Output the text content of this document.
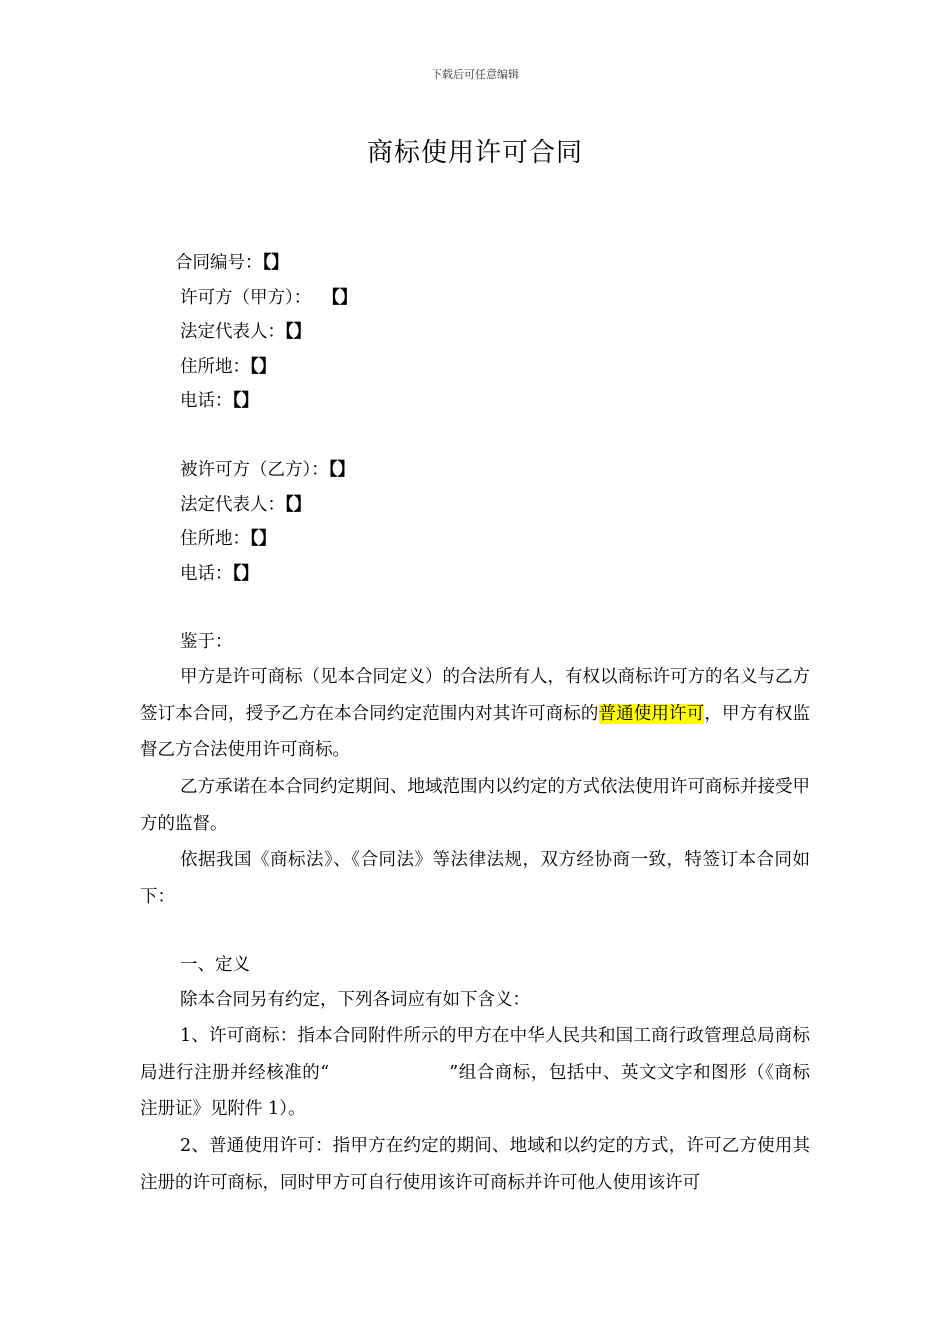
下载后可任意编辑
商标使用许可合同
合同编号：【】
许可方（甲方）： 【】
法定代表人：【】
住所地：【】
电话：【】
被许可方（乙方）：【】
法定代表人：【】
住所地：【】
电话：【】
鉴于：
甲方是许可商标（见本合同定义）的合法所有人，有权以商标许可方的名义与乙方签订本合同，授予乙方在本合同约定范围内对其许可商标的普通使用许可，甲方有权监督乙方合法使用许可商标。
乙方承诺在本合同约定期间、地域范围内以约定的方式依法使用许可商标并接受甲方的监督。
依据我国《商标法》、《合同法》等法律法规，双方经协商一致，特签订本合同如下：
一、定义
除本合同另有约定，下列各词应有如下含义：
1、许可商标：指本合同附件所示的甲方在中华人民共和国工商行政管理总局商标局进行注册并经核准的“	”组合商标，包括中、英文文字和图形（《商标注册证》见附件 1）。
2、普通使用许可：指甲方在约定的期间、地域和以约定的方式，许可乙方使用其注册的许可商标，同时甲方可自行使用该许可商标并许可他人使用该许可
